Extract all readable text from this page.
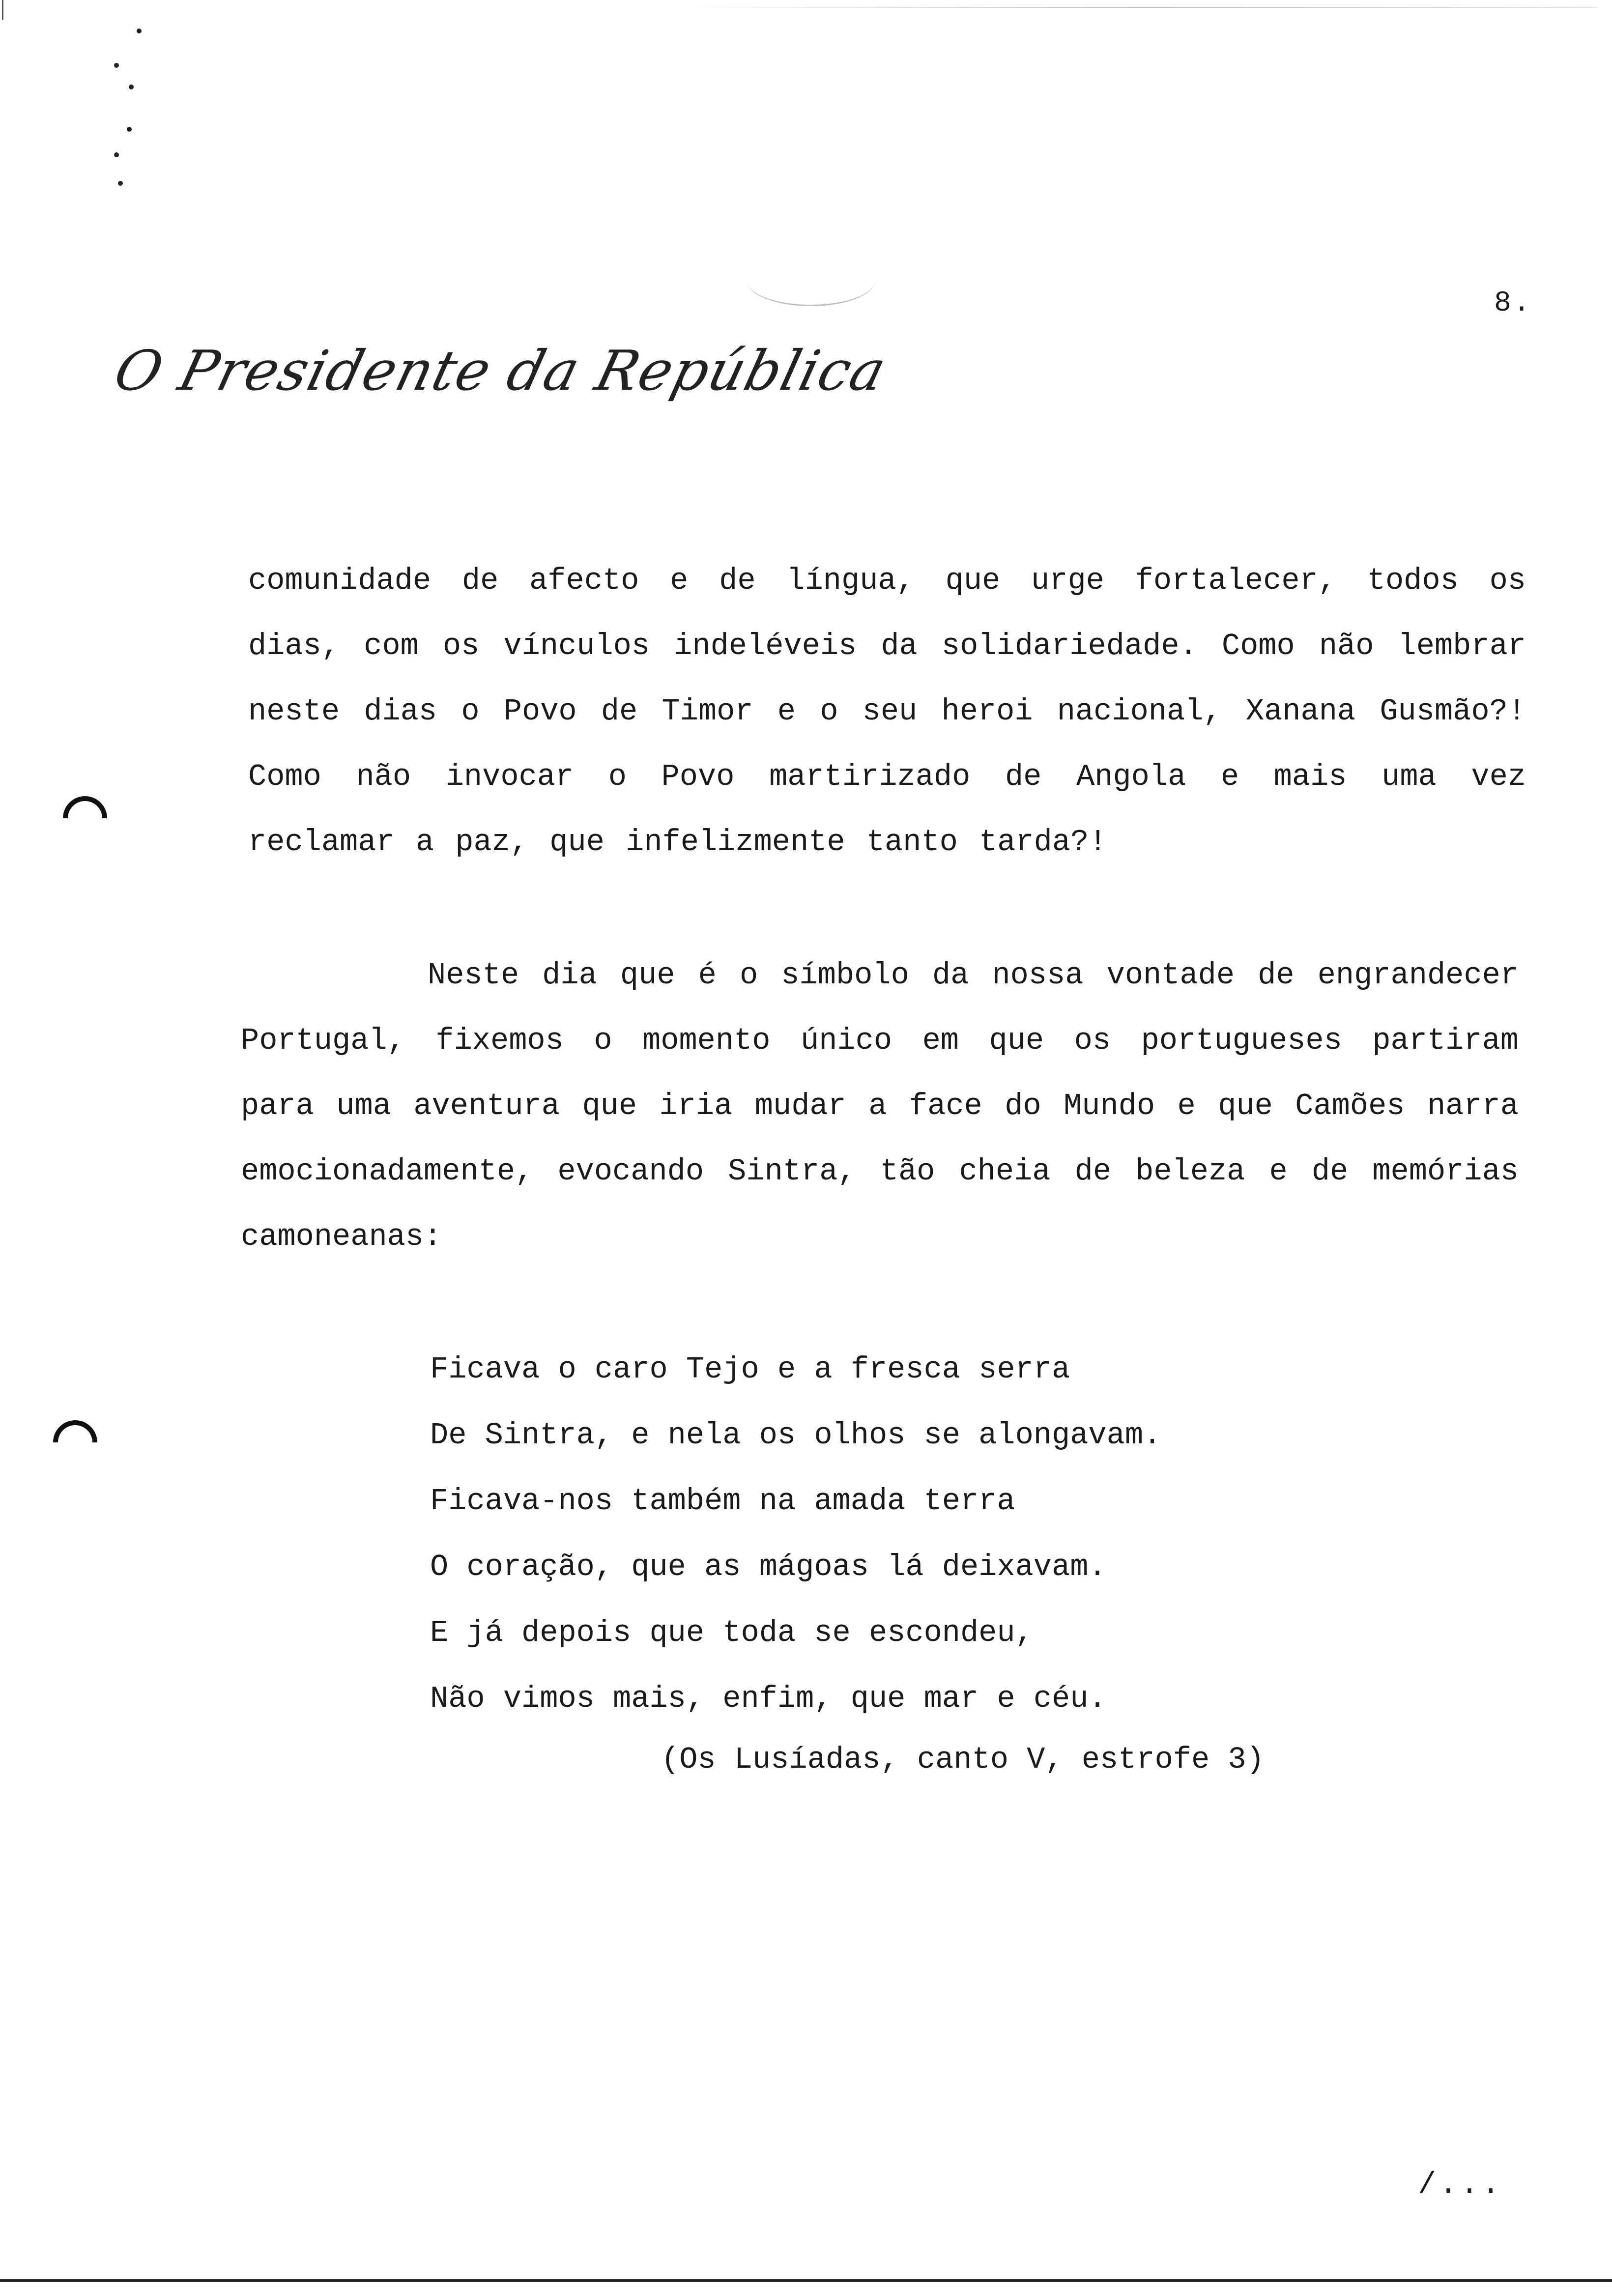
8.
O Presidente da República
comunidade de afecto e de língua, que urge fortalecer, todos os dias, com os vínculos indeléveis da solidariedade. Como não lembrar neste dias o Povo de Timor e o seu heroi nacional, Xanana Gusmão?! Como não invocar o Povo martirizado de Angola e mais uma vez reclamar a paz, que infelizmente tanto tarda?!
Neste dia que é o símbolo da nossa vontade de engrandecer Portugal, fixemos o momento único em que os portugueses partiram para uma aventura que iria mudar a face do Mundo e que Camões narra emocionadamente, evocando Sintra, tão cheia de beleza e de memórias camoneanas:
Ficava o caro Tejo e a fresca serra
De Sintra, e nela os olhos se alongavam.
Ficava-nos também na amada terra
O coração, que as mágoas lá deixavam.
E já depois que toda se escondeu,
Não vimos mais, enfim, que mar e céu.
(Os Lusíadas, canto V, estrofe 3)
/...
